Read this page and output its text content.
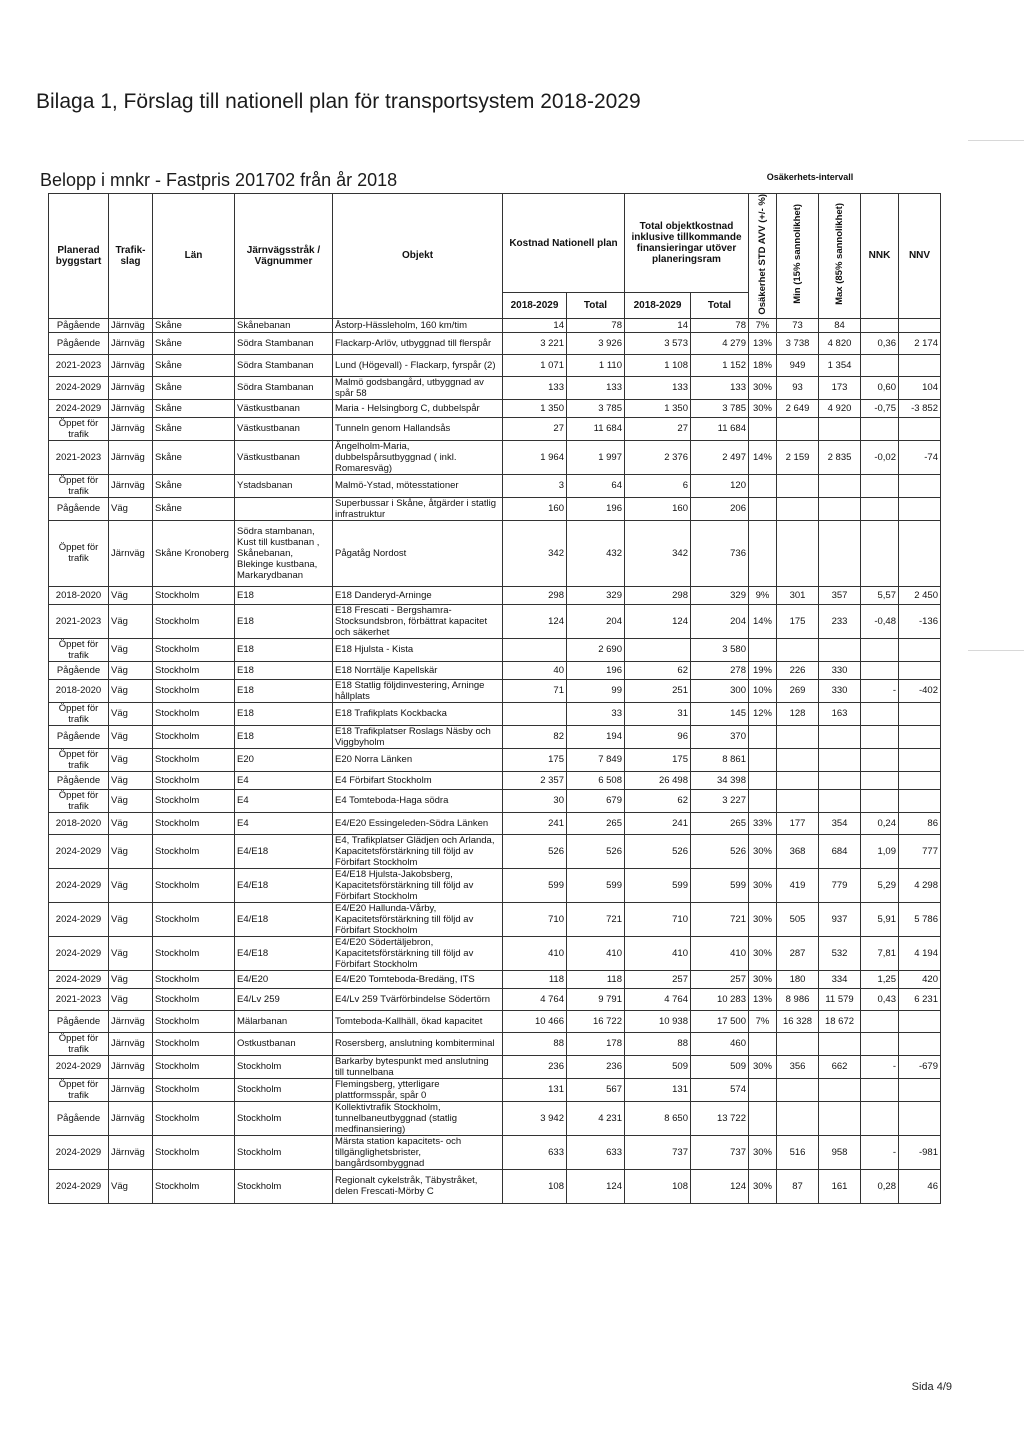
Bilaga 1, Förslag till nationell plan för transportsystem 2018-2029
Belopp i mnkr - Fastpris 201702 från år 2018
Planerad byggstart	Trafik-slag	Län	Järnvägsstråk / Vägnummer	Objekt	Kostnad Nationell plan		Total objektkostnad inklusive tillkommande finansieringar utöver planeringsram		Osäkerhet STD AVV (+/- %)	Min (15% sannolikhet)	Max (85% sannolikhet)	NNK	NNV
					2018-2029	Total	2018-2029	Total					
Pågående	Järnväg	Skåne	Skånebanan	Åstorp-Hässleholm, 160 km/tim	14	78	14	78	7%	73	84		
Pågående	Järnväg	Skåne	Södra Stambanan	Flackarp-Arlöv, utbyggnad till flerspår	3 221	3 926	3 573	4 279	13%	3 738	4 820	0,36	2 174
2021-2023	Järnväg	Skåne	Södra Stambanan	Lund (Högevall) - Flackarp, fyrspår (2)	1 071	1 110	1 108	1 152	18%	949	1 354		
2024-2029	Järnväg	Skåne	Södra Stambanan	Malmö godsbangård, utbyggnad av spår 58	133	133	133	133	30%	93	173	0,60	104
2024-2029	Järnväg	Skåne	Västkustbanan	Maria - Helsingborg C, dubbelspår	1 350	3 785	1 350	3 785	30%	2 649	4 920	-0,75	-3 852
Öppet för trafik	Järnväg	Skåne	Västkustbanan	Tunneln genom Hallandsås	27	11 684	27	11 684					
2021-2023	Järnväg	Skåne	Västkustbanan	Ängelholm-Maria, dubbelspårsutbyggnad ( inkl. Romaresväg)	1 964	1 997	2 376	2 497	14%	2 159	2 835	-0,02	-74
Öppet för trafik	Järnväg	Skåne	Ystadsbanan	Malmö-Ystad, mötesstationer	3	64	6	120					
Pågående	Väg	Skåne		Superbussar i Skåne, åtgärder i statlig infrastruktur	160	196	160	206					
Öppet för trafik	Järnväg	Skåne Kronoberg	Södra stambanan, Kust till kustbanan , Skånebanan, Blekinge kustbana, Markarydbanan	Pågatåg Nordost	342	432	342	736					
2018-2020	Väg	Stockholm	E18	E18 Danderyd-Arninge	298	329	298	329	9%	301	357	5,57	2 450
2021-2023	Väg	Stockholm	E18	E18 Frescati - Bergshamra-Stocksundsbron, förbättrat kapacitet och säkerhet	124	204	124	204	14%	175	233	-0,48	-136
Öppet för trafik	Väg	Stockholm	E18	E18 Hjulsta - Kista		2 690		3 580					
Pågående	Väg	Stockholm	E18	E18 Norrtälje Kapellskär	40	196	62	278	19%	226	330		
2018-2020	Väg	Stockholm	E18	E18 Statlig följdinvestering, Arninge hållplats	71	99	251	300	10%	269	330	-	-402
Öppet för trafik	Väg	Stockholm	E18	E18 Trafikplats Kockbacka		33	31	145	12%	128	163		
Pågående	Väg	Stockholm	E18	E18 Trafikplatser Roslags Näsby och Viggbyholm	82	194	96	370					
Öppet för trafik	Väg	Stockholm	E20	E20 Norra Länken	175	7 849	175	8 861					
Pågående	Väg	Stockholm	E4	E4 Förbifart Stockholm	2 357	6 508	26 498	34 398					
Öppet för trafik	Väg	Stockholm	E4	E4 Tomteboda-Haga södra	30	679	62	3 227					
2018-2020	Väg	Stockholm	E4	E4/E20 Essingeleden-Södra Länken	241	265	241	265	33%	177	354	0,24	86
2024-2029	Väg	Stockholm	E4/E18	E4, Trafikplatser Glädjen och Arlanda, Kapacitetsförstärkning till följd av Förbifart Stockholm	526	526	526	526	30%	368	684	1,09	777
2024-2029	Väg	Stockholm	E4/E18	E4/E18 Hjulsta-Jakobsberg, Kapacitetsförstärkning till följd av Förbifart Stockholm	599	599	599	599	30%	419	779	5,29	4 298
2024-2029	Väg	Stockholm	E4/E18	E4/E20 Hallunda-Vårby, Kapacitetsförstärkning till följd av Förbifart Stockholm	710	721	710	721	30%	505	937	5,91	5 786
2024-2029	Väg	Stockholm	E4/E18	E4/E20 Södertäljebron, Kapacitetsförstärkning till följd av Förbifart Stockholm	410	410	410	410	30%	287	532	7,81	4 194
2024-2029	Väg	Stockholm	E4/E20	E4/E20 Tomteboda-Bredäng, ITS	118	118	257	257	30%	180	334	1,25	420
2021-2023	Väg	Stockholm	E4/Lv 259	E4/Lv 259 Tvärförbindelse Södertörn	4 764	9 791	4 764	10 283	13%	8 986	11 579	0,43	6 231
Pågående	Järnväg	Stockholm	Mälarbanan	Tomteboda-Kallhäll, ökad kapacitet	10 466	16 722	10 938	17 500	7%	16 328	18 672		
Öppet för trafik	Järnväg	Stockholm	Ostkustbanan	Rosersberg, anslutning kombiterminal	88	178	88	460					
2024-2029	Järnväg	Stockholm	Stockholm	Barkarby bytespunkt med anslutning till tunnelbana	236	236	509	509	30%	356	662	-	-679
Öppet för trafik	Järnväg	Stockholm	Stockholm	Flemingsberg, ytterligare plattformsspår, spår 0	131	567	131	574					
Pågående	Järnväg	Stockholm	Stockholm	Kollektivtrafik Stockholm, tunnelbaneutbyggnad (statlig medfinansiering)	3 942	4 231	8 650	13 722					
2024-2029	Järnväg	Stockholm	Stockholm	Märsta station kapacitets- och tillgänglighetsbrister, bangårdsombyggnad	633	633	737	737	30%	516	958	-	-981
2024-2029	Väg	Stockholm	Stockholm	Regionalt cykelstråk, Täbystråket, delen Frescati-Mörby C	108	124	108	124	30%	87	161	0,28	46
Osäkerhets-intervall
Sida 4/9
